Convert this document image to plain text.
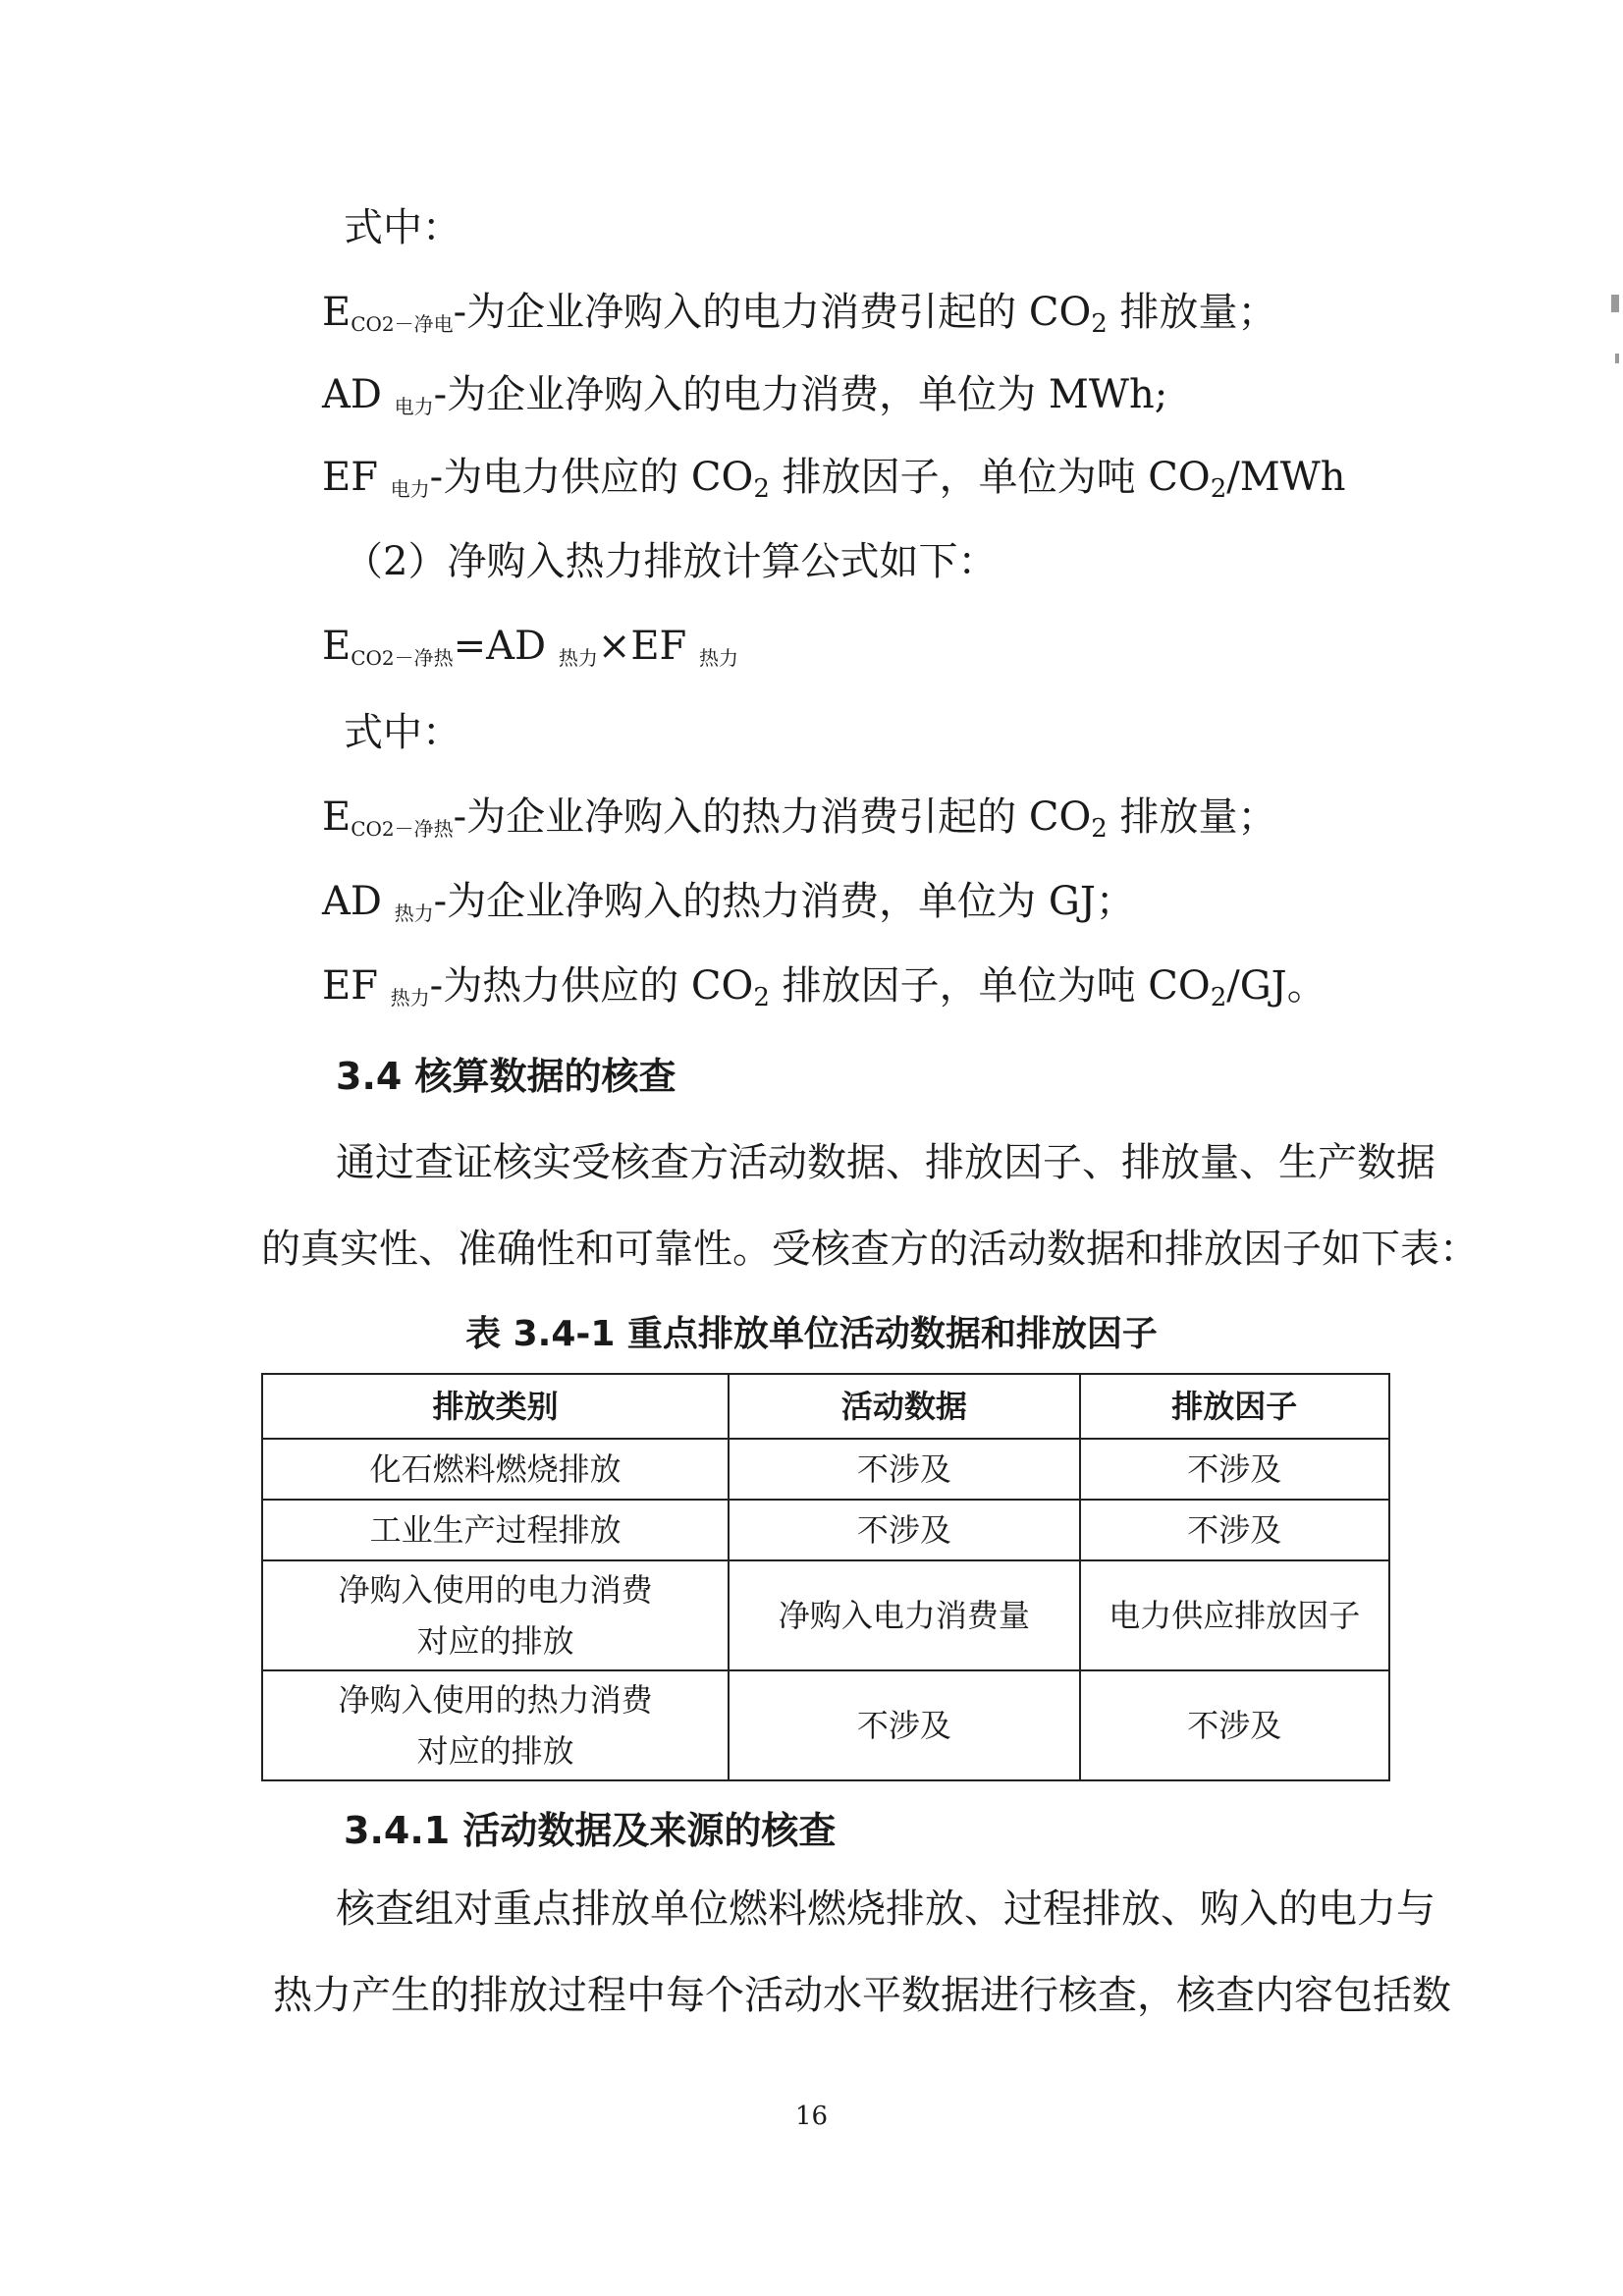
式中：
$E_{CO2-净电}-$为企业净购入的电力消费引起的 CO2 排放量；
AD $_{电力}$-为企业净购入的电力消费，单位为 MWh;
EF $_{电力}$-为电力供应的 CO2 排放因子，单位为吨 CO2/MWh
（2）净购入热力排放计算公式如下：
$E_{CO2-净热}=AD$ $_{热力}$×EF $_{热力}$
式中：
$E_{CO2-净热}-$为企业净购入的热力消费引起的 CO2 排放量；
AD $_{热力}$-为企业净购入的热力消费，单位为 GJ；
EF $_{热力}$-为热力供应的 CO2 排放因子，单位为吨 CO2/GJ。
3.4 核算数据的核查
通过查证核实受核查方活动数据、排放因子、排放量、生产数据
的真实性、准确性和可靠性。受核查方的活动数据和排放因子如下表：
表 3.4-1 重点排放单位活动数据和排放因子
排放类别	活动数据	排放因子
化石燃料燃烧排放	不涉及	不涉及
工业生产过程排放	不涉及	不涉及

净购入使用的电力消费
对应的排放	净购入电力消费量	电力供应排放因子

净购入使用的热力消费
对应的排放	不涉及	不涉及
3.4.1 活动数据及来源的核查
核查组对重点排放单位燃料燃烧排放、过程排放、购入的电力与
热力产生的排放过程中每个活动水平数据进行核查，核查内容包括数
16
